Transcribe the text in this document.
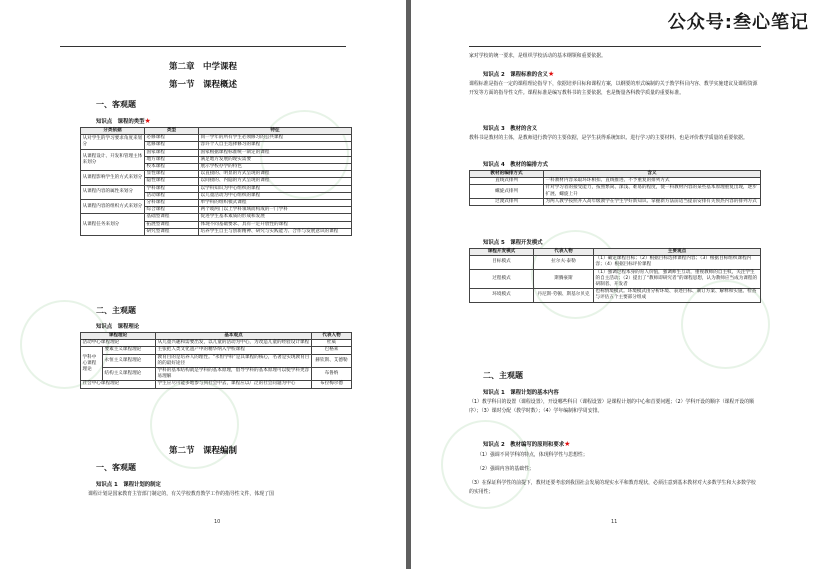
第二章　中学课程
第一节　课程概述
一、客观题
知识点　课程的类型★
分类依据	类型	特征
从对学生的学习要求角度来划分	必修课程	同一学年的所有学生必须修习的公共课程
	选修课程	容许个人自主选择修习的课程
从课程设计、开发和管理主体来划分	国家课程	国家根据课程标准统一制定的课程
	地方课程	满足地方发展的现实需要
	校本课程	展示学校办学的特色
从课程影响学生的方式来划分	显性课程	以直接的、明显的方式呈现的课程
	隐性课程	以间接的、内隐的方式呈现的课程
从课程内容的属性来划分	学科课程	以学科知识为中心组织的课程
	活动课程	以儿童活动为中心组织的课程
从课程内容的组织方式来划分	分科课程	单学科的组织模式课程
	综合课程	两个或两门以上学科领域而构成的一门学科
从课程任务来划分	基础型课程	促进学生基本素质的形成和发展
	拓展型课程	体现不同基础要求、具有一定开放性的课程
	研究型课程	培养学生自主与创新精神、研究与实践能力、合作与发展意识的课程
二、主观题
知识点　课程理论
课程理论		基本观点	代表人物
活动中心课程理论		从儿童兴趣和需要出发，以儿童的活动为中心，为改造儿童的经验设计课程	杜威
学科中心课程理论	要素主义课程理论	主张把人类文化遗产中的精华纳入学校课程	巴格莱
	永恒主义课程理论	教育目的是培养人的理性。“永恒学科”是其课程的核心，名著是实现教育目的的最好途径	赫钦斯、艾德勒
	结构主义课程理论	学科的基本结构就是学科的基本原理，倡导学科的基本原理可以使学科更容易理解	布鲁纳
社会中心课程理论		学生应尽可能多地参与到社会中去，课程应以广泛的社会问题为中心	布拉梅尔德
第二节　课程编制
一、客观题
知识点 1　课程计划的制定
课程计划是国家教育主管部门制定的，有关学校教育教学工作的指导性文件，体现了国
10
公众号:叁心笔记
家对学校的统一要求，是组织学校活动的基本纲领和重要依据。
知识点 2　课程标准的含义★
课程标准是指在一定的课程理论指导下，依据培养目标和课程方案，以纲要的形式编制的关于教学科目内容、教学实施建议及课程资源开发等方面的指导性文件。课程标准是编写教科书的主要依据，也是衡量各科教学质量的重要标准。
知识点 3　教材的含义
教科书是教材的主体，是教师进行教学的主要依据，是学生获得系统知识、进行学习的主要材料，也是评价教学质量的重要依据。
知识点 4　教材的编排方式
教材的编排方式	含义
直线式排列	一科教材内容采取环环相扣、直线推进、不予重复的排列方式
螺旋式排列	针对学习者的接受能力，按照繁简、深浅、难易的程度，使一科教材内容的某些基本原理重复出现，逐步扩展、螺旋上升
过渡式排列	为两人教学按照并入高年级教学在学生学好新知识、掌握新方法前适当提前安排有关预热内容的排列方式
知识点 5　课程开发模式
课程开发模式	代表人物	主要观点
目标模式	拉尔夫·泰勒	（1）确定课程目标；（2）根据目标选择课程内容；（3）根据目标组织课程内容；（4）根据目标评价课程
过程模式	斯腾豪斯	（1）强调过程本身的育人价值，强调师生互动，重视教师的自主权，关注学生的自主活动；（2）提出了“教师即研究者”的课程思想，认为教师应当成为课程的研制者、开发者
环境模式	丹尼斯·劳顿、斯基尔贝克	也称情境模式。环境模式由分析环境、表述目标、制订方案、解释和实施、检查与评估五个主要部分组成
二、主观题
知识点 1　课程计划的基本内容
（1）教学科目的设置（课程设置），开设哪些科目（课程设置）是课程计划的中心和首要问题；（2）学科开设的顺序（课程开设的顺序）；（3）课时分配（教学时数）；（4）学年编制和学周安排。
知识点 2　教材编写的原则和要求★
（1）强调不同学科的特点，体现科学性与思想性；
（2）强调内容的基础性；
（3）在保证科学性的前提下，教材还要考虑到我国社会发展的现实水平和教育现状，必须注意到基本教材对大多数学生和大多数学校的实用性；
11
